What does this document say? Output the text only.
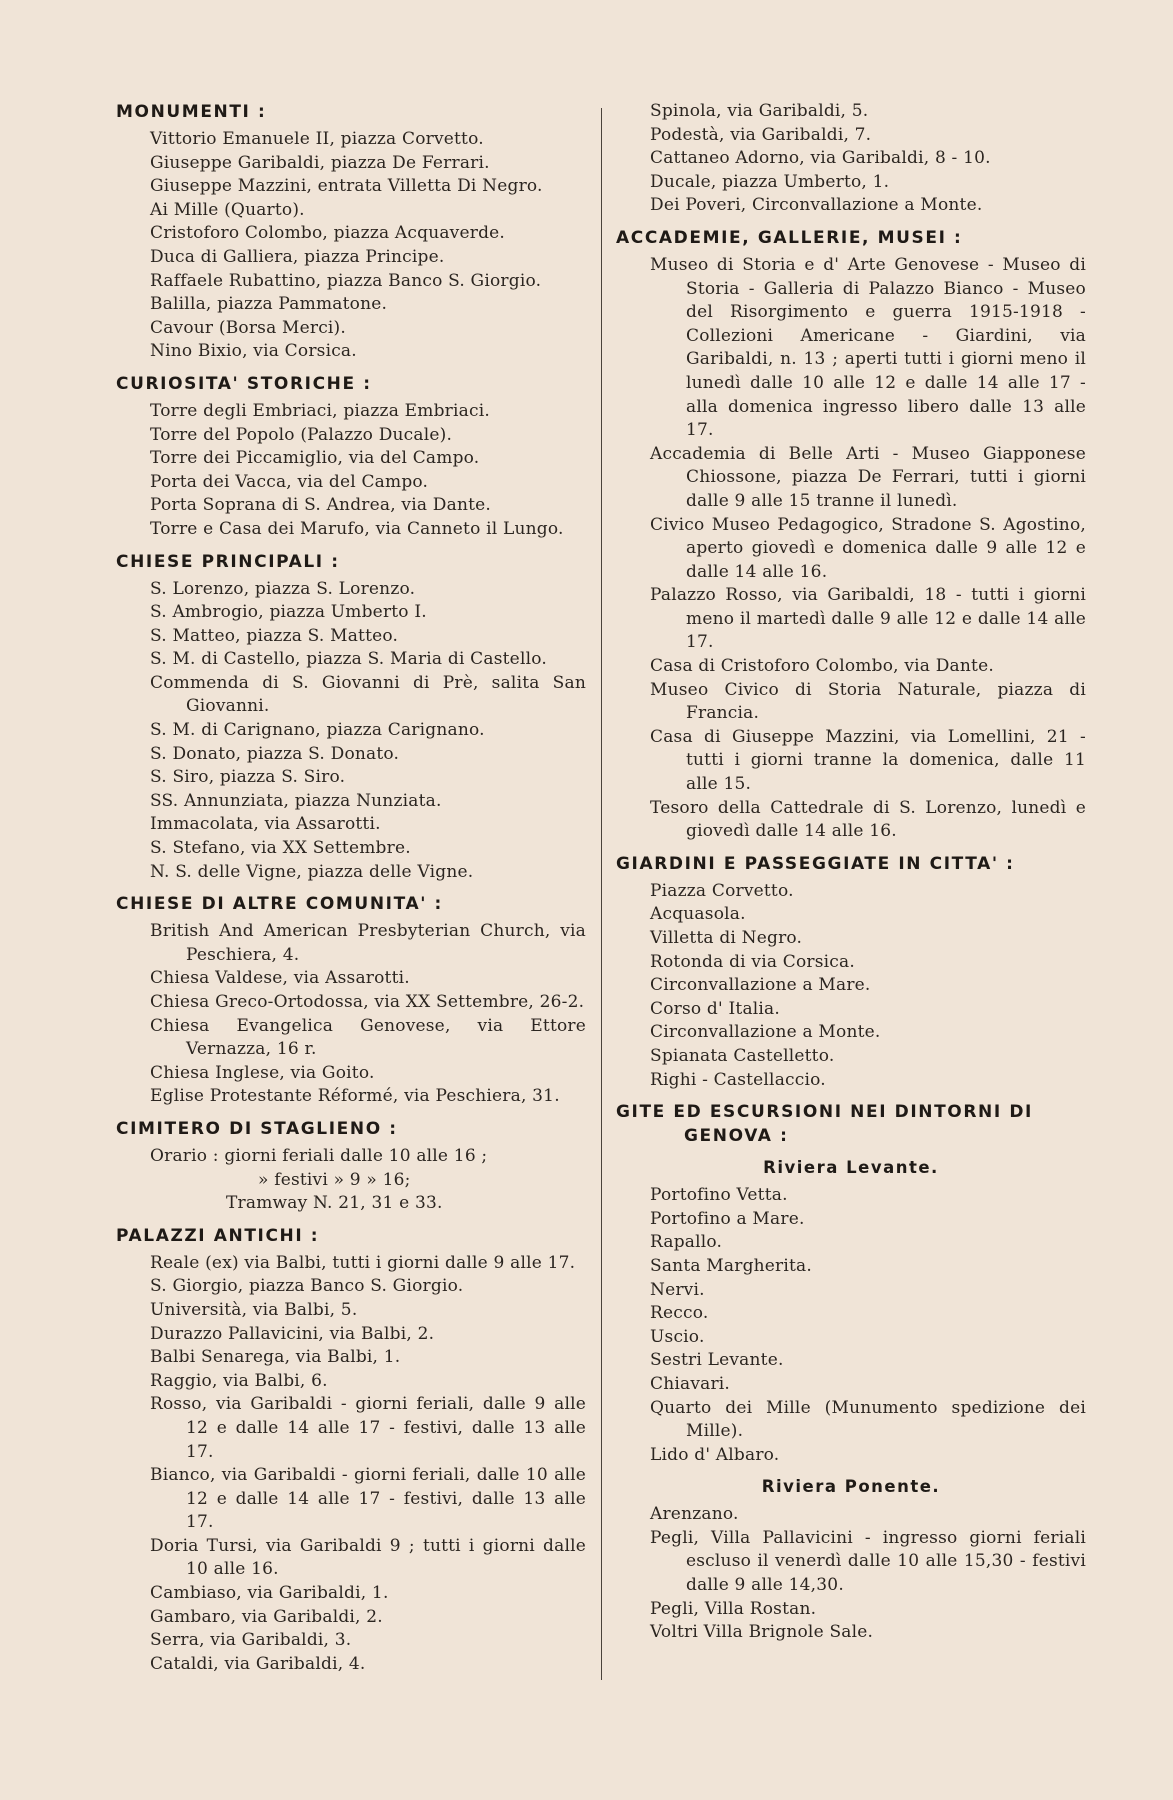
MONUMENTI :
Vittorio Emanuele II, piazza Corvetto.
Giuseppe Garibaldi, piazza De Ferrari.
Giuseppe Mazzini, entrata Villetta Di Negro.
Ai Mille (Quarto).
Cristoforo Colombo, piazza Acquaverde.
Duca di Galliera, piazza Principe.
Raffaele Rubattino, piazza Banco S. Giorgio.
Balilla, piazza Pammatone.
Cavour (Borsa Merci).
Nino Bixio, via Corsica.
CURIOSITA' STORICHE :
Torre degli Embriaci, piazza Embriaci.
Torre del Popolo (Palazzo Ducale).
Torre dei Piccamiglio, via del Campo.
Porta dei Vacca, via del Campo.
Porta Soprana di S. Andrea, via Dante.
Torre e Casa dei Marufo, via Canneto il Lungo.
CHIESE PRINCIPALI :
S. Lorenzo, piazza S. Lorenzo.
S. Ambrogio, piazza Umberto I.
S. Matteo, piazza S. Matteo.
S. M. di Castello, piazza S. Maria di Castello.
Commenda di S. Giovanni di Prè, salita San Giovanni.
S. M. di Carignano, piazza Carignano.
S. Donato, piazza S. Donato.
S. Siro, piazza S. Siro.
SS. Annunziata, piazza Nunziata.
Immacolata, via Assarotti.
S. Stefano, via XX Settembre.
N. S. delle Vigne, piazza delle Vigne.
CHIESE DI ALTRE COMUNITA' :
British And American Presbyterian Church, via Peschiera, 4.
Chiesa Valdese, via Assarotti.
Chiesa Greco-Ortodossa, via XX Settembre, 26-2.
Chiesa Evangelica Genovese, via Ettore Vernazza, 16 r.
Chiesa Inglese, via Goito.
Eglise Protestante Réformé, via Peschiera, 31.
CIMITERO DI STAGLIENO :
Orario : giorni feriali dalle 10 alle 16 ;
» festivi » 9 » 16;
Tramway N. 21, 31 e 33.
PALAZZI ANTICHI :
Reale (ex) via Balbi, tutti i giorni dalle 9 alle 17.
S. Giorgio, piazza Banco S. Giorgio.
Università, via Balbi, 5.
Durazzo Pallavicini, via Balbi, 2.
Balbi Senarega, via Balbi, 1.
Raggio, via Balbi, 6.
Rosso, via Garibaldi - giorni feriali, dalle 9 alle 12 e dalle 14 alle 17 - festivi, dalle 13 alle 17.
Bianco, via Garibaldi - giorni feriali, dalle 10 alle 12 e dalle 14 alle 17 - festivi, dalle 13 alle 17.
Doria Tursi, via Garibaldi 9 ; tutti i giorni dalle 10 alle 16.
Cambiaso, via Garibaldi, 1.
Gambaro, via Garibaldi, 2.
Serra, via Garibaldi, 3.
Cataldi, via Garibaldi, 4.
Spinola, via Garibaldi, 5.
Podestà, via Garibaldi, 7.
Cattaneo Adorno, via Garibaldi, 8 - 10.
Ducale, piazza Umberto, 1.
Dei Poveri, Circonvallazione a Monte.
ACCADEMIE, GALLERIE, MUSEI :
Museo di Storia e d' Arte Genovese - Museo di Storia - Galleria di Palazzo Bianco - Museo del Risorgimento e guerra 1915-1918 - Collezioni Americane - Giardini, via Garibaldi, n. 13 ; aperti tutti i giorni meno il lunedì dalle 10 alle 12 e dalle 14 alle 17 - alla domenica ingresso libero dalle 13 alle 17.
Accademia di Belle Arti - Museo Giapponese Chiossone, piazza De Ferrari, tutti i giorni dalle 9 alle 15 tranne il lunedì.
Civico Museo Pedagogico, Stradone S. Agostino, aperto giovedì e domenica dalle 9 alle 12 e dalle 14 alle 16.
Palazzo Rosso, via Garibaldi, 18 - tutti i giorni meno il martedì dalle 9 alle 12 e dalle 14 alle 17.
Casa di Cristoforo Colombo, via Dante.
Museo Civico di Storia Naturale, piazza di Francia.
Casa di Giuseppe Mazzini, via Lomellini, 21 - tutti i giorni tranne la domenica, dalle 11 alle 15.
Tesoro della Cattedrale di S. Lorenzo, lunedì e giovedì dalle 14 alle 16.
GIARDINI E PASSEGGIATE IN CITTA' :
Piazza Corvetto.
Acquasola.
Villetta di Negro.
Rotonda di via Corsica.
Circonvallazione a Mare.
Corso d' Italia.
Circonvallazione a Monte.
Spianata Castelletto.
Righi - Castellaccio.
GITE ED ESCURSIONI NEI DINTORNI DI
GENOVA :
Riviera Levante.
Portofino Vetta.
Portofino a Mare.
Rapallo.
Santa Margherita.
Nervi.
Recco.
Uscio.
Sestri Levante.
Chiavari.
Quarto dei Mille (Munumento spedizione dei Mille).
Lido d' Albaro.
Riviera Ponente.
Arenzano.
Pegli, Villa Pallavicini - ingresso giorni feriali escluso il venerdì dalle 10 alle 15,30 - festivi dalle 9 alle 14,30.
Pegli, Villa Rostan.
Voltri Villa Brignole Sale.
